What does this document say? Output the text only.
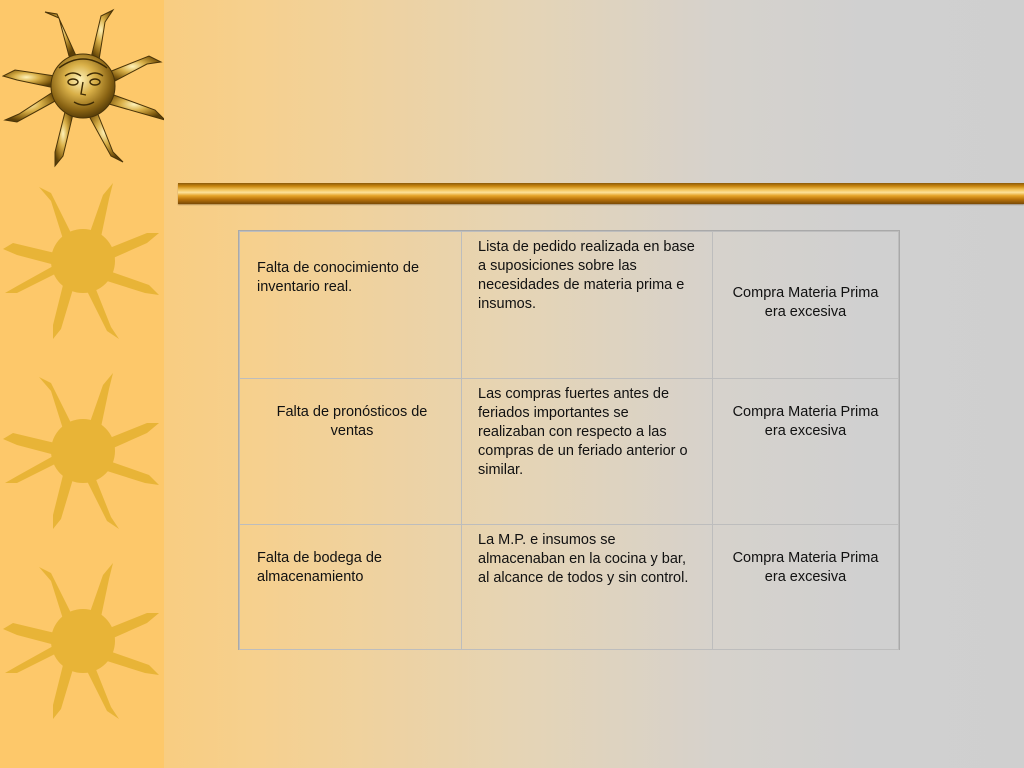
Falta de conocimiento de inventario real.	Lista de pedido realizada en base a suposiciones sobre las necesidades de materia prima e insumos.	Compra Materia Prima era excesiva
Falta de pronósticos de ventas	Las compras fuertes antes de feriados importantes se realizaban con respecto a las compras de un feriado anterior o similar.	Compra Materia Prima era excesiva
Falta de bodega de almacenamiento	La M.P. e insumos se almacenaban en la cocina y bar, al alcance de todos y sin control.	Compra Materia Prima era excesiva
